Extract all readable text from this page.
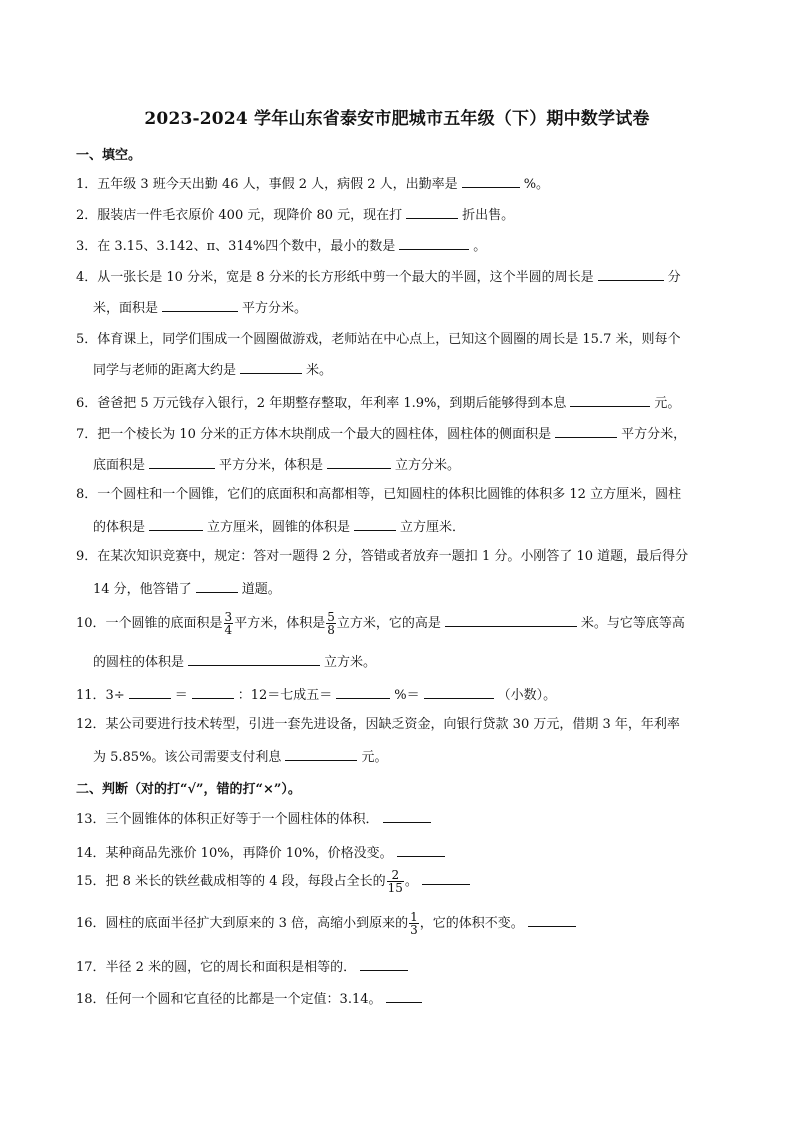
2023-2024 学年山东省泰安市肥城市五年级（下）期中数学试卷
一、填空。
1．五年级 3 班今天出勤 46 人，事假 2 人，病假 2 人，出勤率是	%。
2．服装店一件毛衣原价 400 元，现降价 80 元，现在打	折出售。
3．在 3.15、3.142、π、314%四个数中，最小的数是	。
4．从一张长是 10 分米，宽是 8 分米的长方形纸中剪一个最大的半圆，这个半圆的周长是	分
米，面积是	平方分米。
5．体育课上，同学们围成一个圆圈做游戏，老师站在中心点上，已知这个圆圈的周长是 15.7 米，则每个
同学与老师的距离大约是	米。
6．爸爸把 5 万元钱存入银行，2 年期整存整取，年利率 1.9%，到期后能够得到本息	元。
7．把一个棱长为 10 分米的正方体木块削成一个最大的圆柱体，圆柱体的侧面积是	平方分米，
底面积是	平方分米，体积是	立方分米。
8．一个圆柱和一个圆锥，它们的底面积和高都相等，已知圆柱的体积比圆锥的体积多 12 立方厘米，圆柱
的体积是	立方厘米，圆锥的体积是	立方厘米．
9．在某次知识竞赛中，规定：答对一题得 2 分，答错或者放弃一题扣 1 分。小刚答了 10 道题，最后得分
14 分，他答错了	道题。
10．一个圆锥的底面积是 $\frac{3}{4}$ 平方米，体积是 $\frac{5}{8}$ 立方米，它的高是	米。与它等底等高
的圆柱的体积是	立方米。
11．3÷	＝	：12＝七成五＝	%＝	（小数）。
12．某公司要进行技术转型，引进一套先进设备，因缺乏资金，向银行贷款 30 万元，借期 3 年，年利率
为 5.85%。该公司需要支付利息	元。
二、判断（对的打“√”，错的打“×”）。
13．三个圆锥体的体积正好等于一个圆柱体的体积．
14．某种商品先涨价 10%，再降价 10%，价格没变。
15．把 8 米长的铁丝截成相等的 4 段，每段占全长的 $\frac{2}{15}$ 。
16．圆柱的底面半径扩大到原来的 3 倍，高缩小到原来的 $\frac{1}{3}$ ，它的体积不变。
17．半径 2 米的圆，它的周长和面积是相等的．
18．任何一个圆和它直径的比都是一个定值：3.14。
